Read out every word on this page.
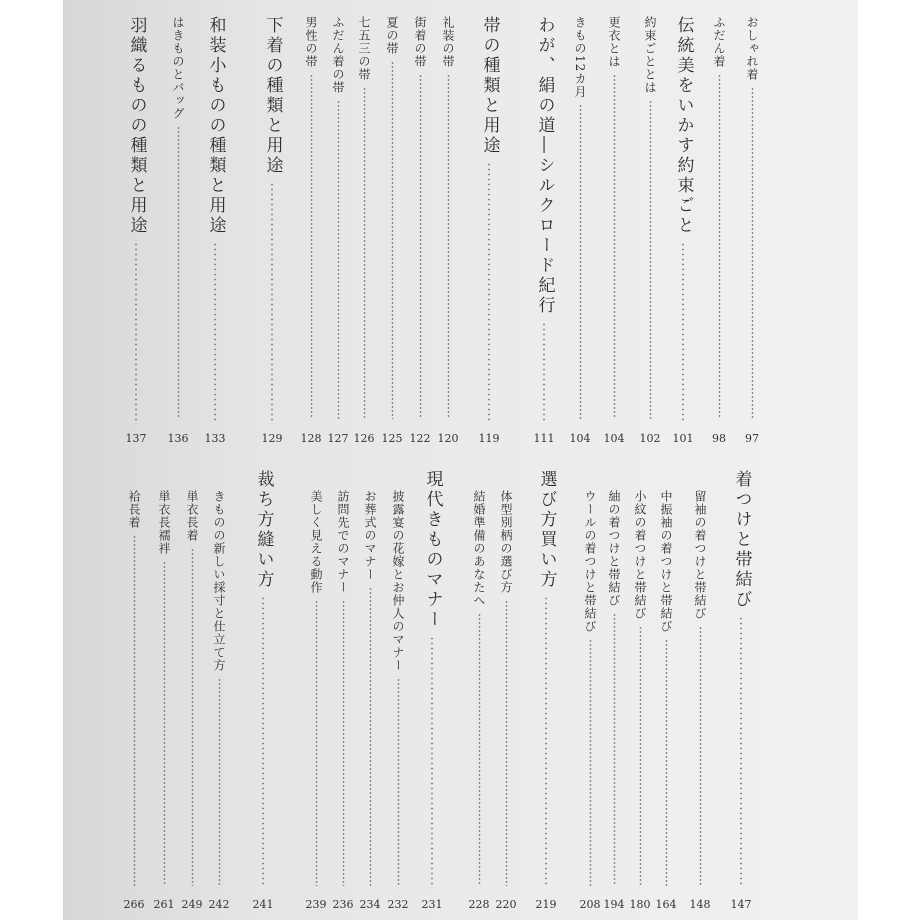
おしゃれ着
97
ふだん着
98
伝統美をいかす約束ごと
101
約束ごととは
102
更衣とは
104
きもの12カ月
104
わが、絹の道―シルクロード紀行
111
帯の種類と用途
119
礼装の帯
120
街着の帯
122
夏の帯
125
七五三の帯
126
ふだん着の帯
127
男性の帯
128
下着の種類と用途
129
和装小ものの種類と用途
133
はきものとバッグ
136
羽織るものの種類と用途
137
着つけと帯結び
147
留袖の着つけと帯結び
148
中振袖の着つけと帯結び
164
小紋の着つけと帯結び
180
紬の着つけと帯結び
194
ウールの着つけと帯結び
208
選び方買い方
219
体型別柄の選び方
220
結婚準備のあなたへ
228
現代きものマナー
231
披露宴の花嫁とお仲人のマナー
232
お葬式のマナー
234
訪問先でのマナー
236
美しく見える動作
239
裁ち方縫い方
241
きものの新しい採寸と仕立て方
242
単衣長着
249
単衣長襦袢
261
袷長着
266
